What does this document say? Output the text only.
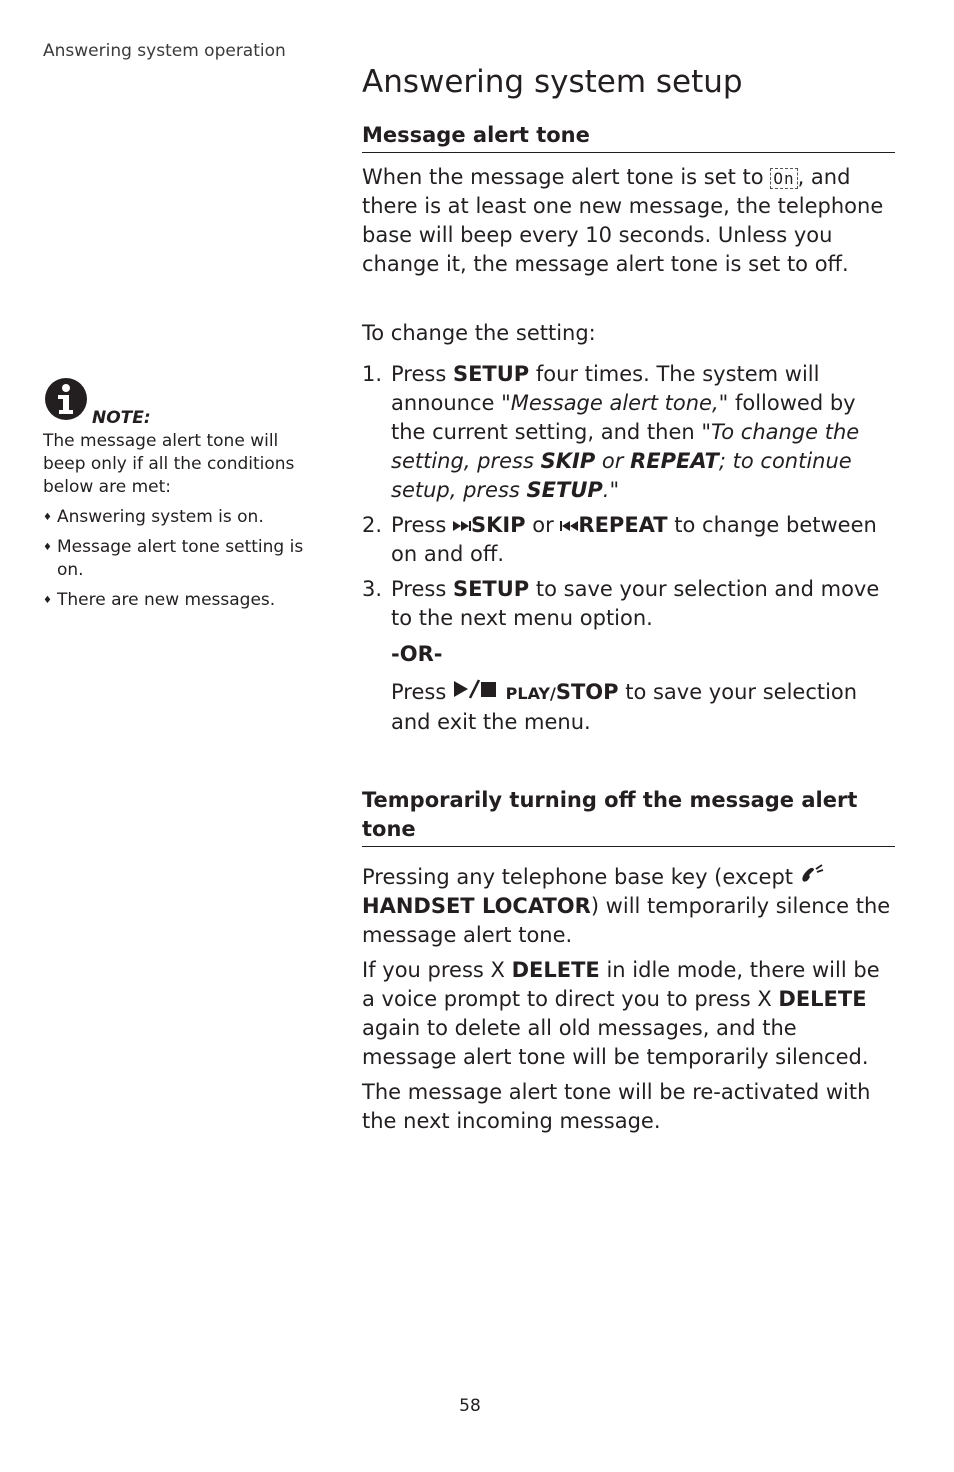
Answering system operation
Answering system setup
Message alert tone

When the message alert tone is set to On , and there is at least one new message, the telephone base will beep every 10 seconds. Unless you change it, the message alert tone is set to off.

To change the setting:
1. Press SETUP four times. The system will announce "Message alert tone," followed by the current setting, and then "To change the setting, press SKIP or REPEAT; to continue setup, press SETUP."
2. Press SKIP or REPEAT to change between on and off.
3. Press SETUP to save your selection and move to the next menu option.
-OR-
Press	PLAY/STOP to save your selection and exit the menu.
Temporarily turning off the message alert tone

Pressing any telephone base key (except HANDSET LOCATOR) will temporarily silence the message alert tone.

If you press X DELETE in idle mode, there will be a voice prompt to direct you to press X DELETE again to delete all old messages, and the message alert tone will be temporarily silenced.

The message alert tone will be re-activated with the next incoming message.
NOTE:
The message alert tone will beep only if all the conditions below are met:
♦ Answering system is on.
♦ Message alert tone setting is on.
♦ There are new messages.
58
